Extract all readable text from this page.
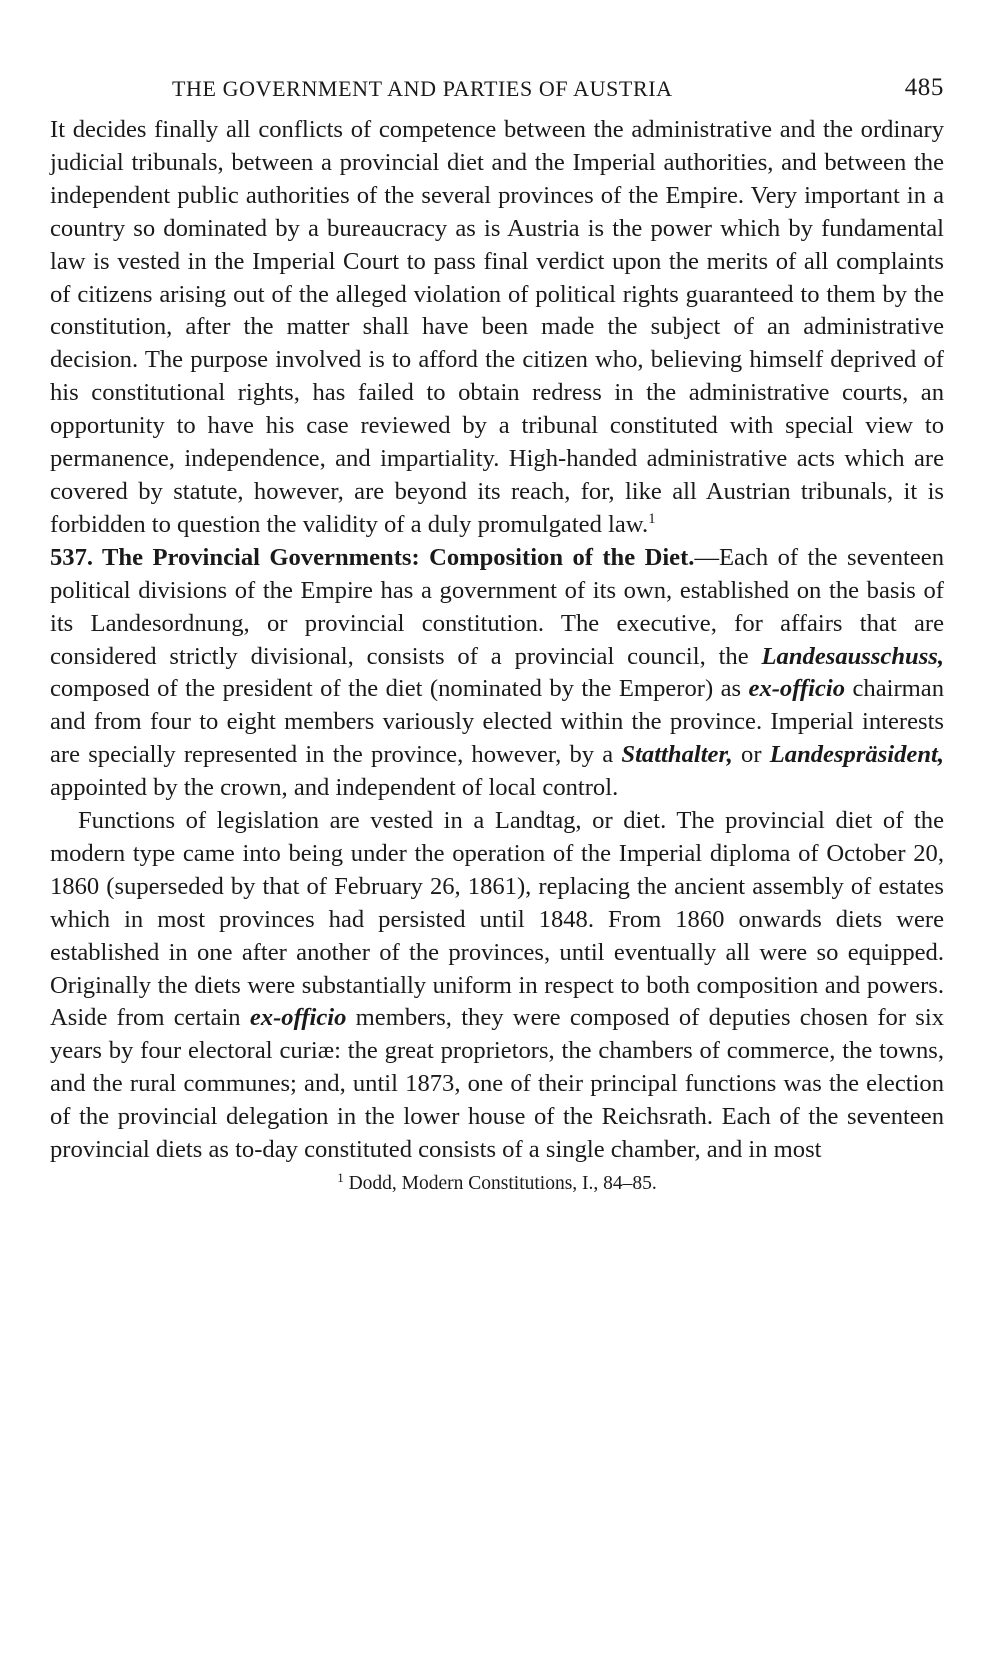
THE GOVERNMENT AND PARTIES OF AUSTRIA	485

It decides finally all conflicts of competence between the administrative and the ordinary judicial tribunals, between a provincial diet and the Imperial authorities, and between the independent public authorities of the several provinces of the Empire. Very important in a country so dominated by a bureaucracy as is Austria is the power which by fundamental law is vested in the Imperial Court to pass final verdict upon the merits of all complaints of citizens arising out of the alleged violation of political rights guaranteed to them by the constitution, after the matter shall have been made the subject of an administrative decision. The purpose involved is to afford the citizen who, believing himself deprived of his constitutional rights, has failed to obtain redress in the administrative courts, an opportunity to have his case reviewed by a tribunal constituted with special view to permanence, independence, and impartiality. High-handed administrative acts which are covered by statute, however, are beyond its reach, for, like all Austrian tribunals, it is forbidden to question the validity of a duly promulgated law.$^1$

537. The Provincial Governments: Composition of the Diet.—Each of the seventeen political divisions of the Empire has a government of its own, established on the basis of its Landesordnung, or provincial constitution. The executive, for affairs that are considered strictly divisional, consists of a provincial council, the Landesausschuss, composed of the president of the diet (nominated by the Emperor) as ex-officio chairman and from four to eight members variously elected within the province. Imperial interests are specially represented in the province, however, by a Statthalter, or Landespräsident, appointed by the crown, and independent of local control.

Functions of legislation are vested in a Landtag, or diet. The provincial diet of the modern type came into being under the operation of the Imperial diploma of October 20, 1860 (superseded by that of February 26, 1861), replacing the ancient assembly of estates which in most provinces had persisted until 1848. From 1860 onwards diets were established in one after another of the provinces, until eventually all were so equipped. Originally the diets were substantially uniform in respect to both composition and powers. Aside from certain ex-officio members, they were composed of deputies chosen for six years by four electoral curiæ: the great proprietors, the chambers of commerce, the towns, and the rural communes; and, until 1873, one of their principal functions was the election of the provincial delegation in the lower house of the Reichsrath. Each of the seventeen provincial diets as to-day constituted consists of a single chamber, and in most

$^1$ Dodd, Modern Constitutions, I., 84–85.
